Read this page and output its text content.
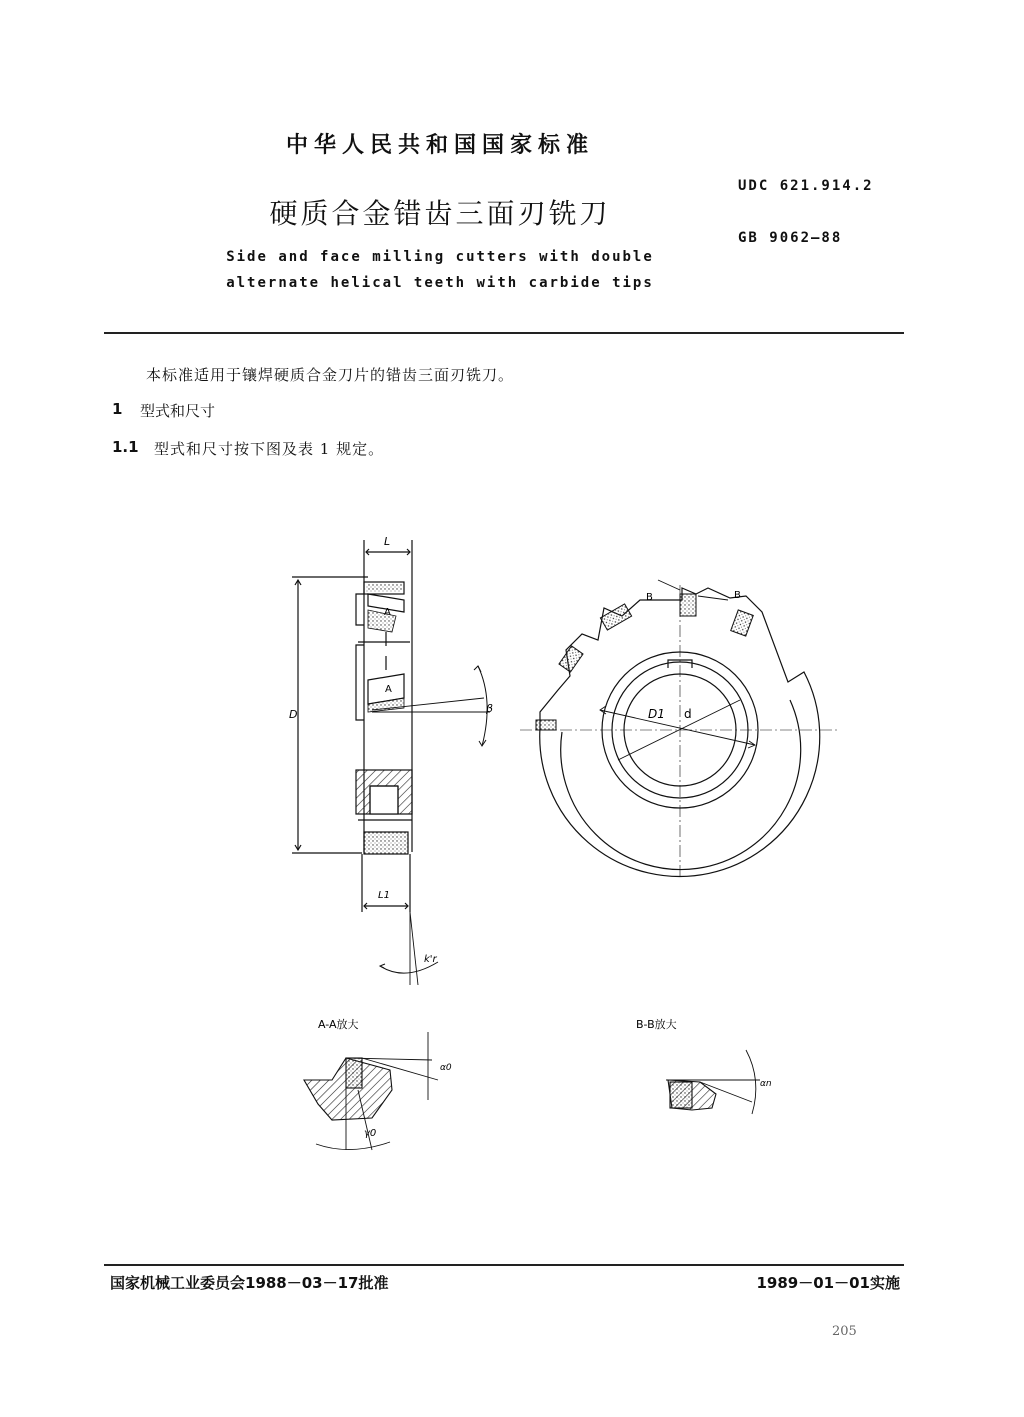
中华人民共和国国家标准
硬质合金错齿三面刃铣刀
Side and face milling cutters with double
alternate helical teeth with carbide tips
UDC 621.914.2
GB 9062—88
本标准适用于镶焊硬质合金刀片的错齿三面刃铣刀。
1 型式和尺寸
1.1 型式和尺寸按下图及表 1 规定。
L
D
A
A
β
L1
k'r
B	B
D1 d
A-A放大
α0
γ0
B-B放大
αn
国家机械工业委员会1988－03－17批准	1989－01－01实施
205
